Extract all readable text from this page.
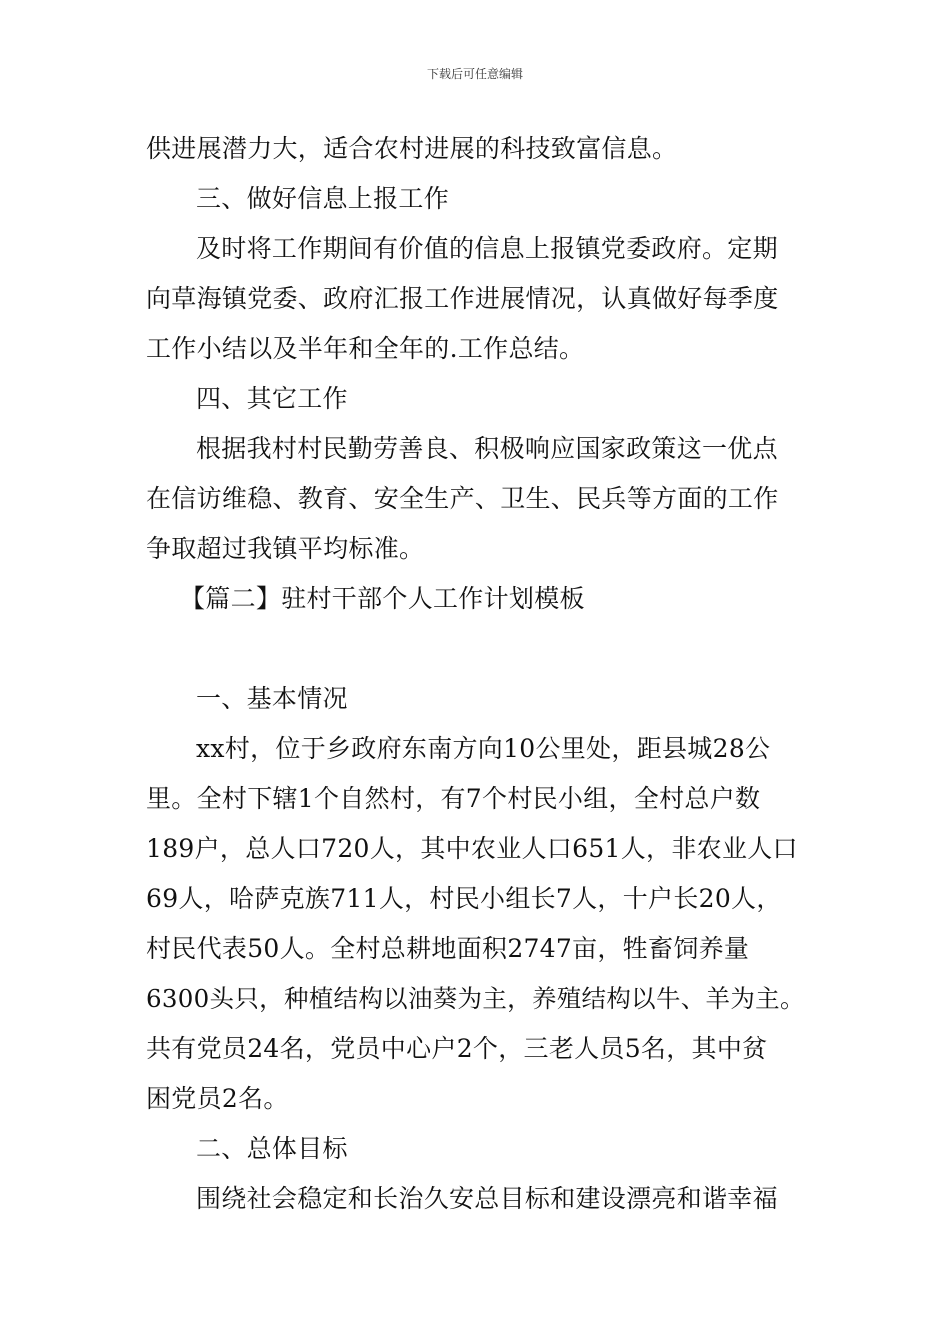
下载后可任意编辑
供进展潜力大，适合农村进展的科技致富信息。
三、做好信息上报工作
及时将工作期间有价值的信息上报镇党委政府。定期
向草海镇党委、政府汇报工作进展情况，认真做好每季度
工作小结以及半年和全年的.工作总结。
四、其它工作
根据我村村民勤劳善良、积极响应国家政策这一优点
在信访维稳、教育、安全生产、卫生、民兵等方面的工作
争取超过我镇平均标准。
【篇二】驻村干部个人工作计划模板
一、基本情况
xx村，位于乡政府东南方向10公里处，距县城28公
里。全村下辖1个自然村，有7个村民小组，全村总户数
189户，总人口720人，其中农业人口651人，非农业人口
69人，哈萨克族711人，村民小组长7人，十户长20人，
村民代表50人。全村总耕地面积2747亩，牲畜饲养量
6300头只，种植结构以油葵为主，养殖结构以牛、羊为主。
共有党员24名，党员中心户2个，三老人员5名，其中贫
困党员2名。
二、总体目标
围绕社会稳定和长治久安总目标和建设漂亮和谐幸福
